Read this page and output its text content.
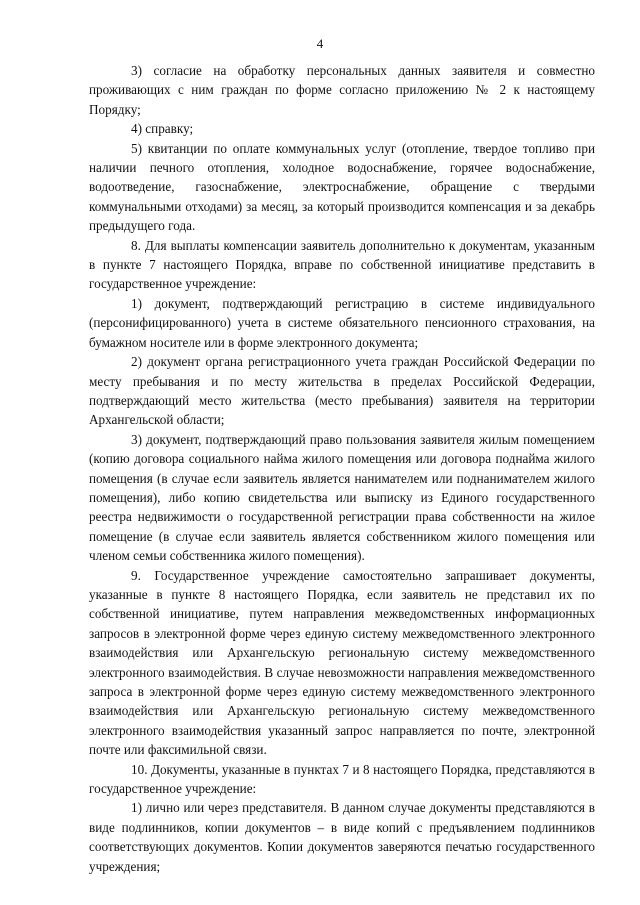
4

3) согласие на обработку персональных данных заявителя и совместно проживающих с ним граждан по форме согласно приложению № 2 к настоящему Порядку;

4) справку;

5) квитанции по оплате коммунальных услуг (отопление, твердое топливо при наличии печного отопления, холодное водоснабжение, горячее водоснабжение, водоотведение, газоснабжение, электроснабжение, обращение с твердыми коммунальными отходами) за месяц, за который производится компенсация и за декабрь предыдущего года.

8. Для выплаты компенсации заявитель дополнительно к документам, указанным в пункте 7 настоящего Порядка, вправе по собственной инициативе представить в государственное учреждение:

1) документ, подтверждающий регистрацию в системе индивидуального (персонифицированного) учета в системе обязательного пенсионного страхования, на бумажном носителе или в форме электронного документа;

2) документ органа регистрационного учета граждан Российской Федерации по месту пребывания и по месту жительства в пределах Российской Федерации, подтверждающий место жительства (место пребывания) заявителя на территории Архангельской области;

3) документ, подтверждающий право пользования заявителя жилым помещением (копию договора социального найма жилого помещения или договора поднайма жилого помещения (в случае если заявитель является нанимателем или поднанимателем жилого помещения), либо копию свидетельства или выписку из Единого государственного реестра недвижимости о государственной регистрации права собственности на жилое помещение (в случае если заявитель является собственником жилого помещения или членом семьи собственника жилого помещения).

9. Государственное учреждение самостоятельно запрашивает документы, указанные в пункте 8 настоящего Порядка, если заявитель не представил их по собственной инициативе, путем направления межведомственных информационных запросов в электронной форме через единую систему межведомственного электронного взаимодействия или Архангельскую региональную систему межведомственного электронного взаимодействия. В случае невозможности направления межведомственного запроса в электронной форме через единую систему межведомственного электронного взаимодействия или Архангельскую региональную систему межведомственного электронного взаимодействия указанный запрос направляется по почте, электронной почте или факсимильной связи.

10. Документы, указанные в пунктах 7 и 8 настоящего Порядка, представляются в государственное учреждение:

1) лично или через представителя. В данном случае документы представляются в виде подлинников, копии документов – в виде копий с предъявлением подлинников соответствующих документов. Копии документов заверяются печатью государственного учреждения;
